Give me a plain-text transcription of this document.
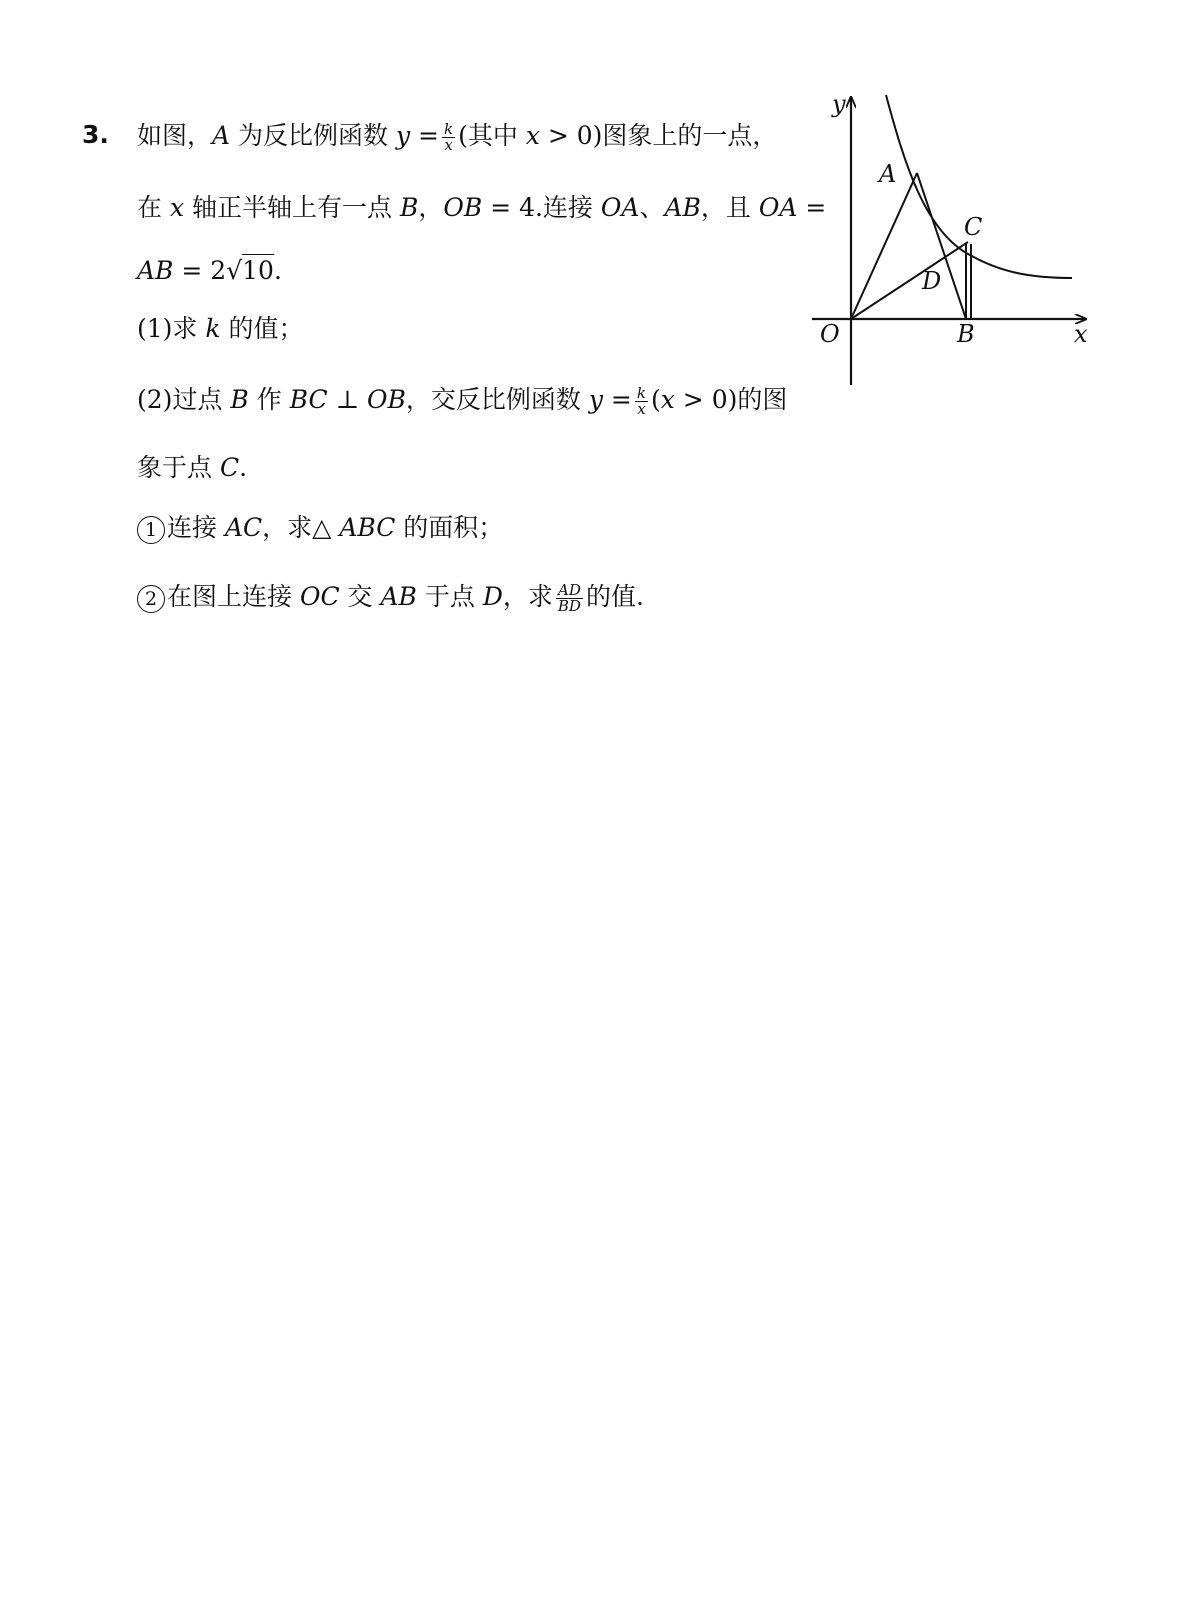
3. 如图，A 为反比例函数 $y = \frac{k}{x}$ (其中 x > 0)图象上的一点，
在 x 轴正半轴上有一点 B，OB = 4.连接 OA、AB，且 OA =
AB = 2√10.
(1)求 k 的值；
(2)过点 B 作 BC ⊥ OB，交反比例函数 $y = \frac{k}{x} (x > 0)$的图
象于点 C.
1 连接 AC，求△ ABC 的面积；
2 在图上连接 OC 交 AB 于点 D，求 $\frac{AD}{BD}$ 的值.
y
x
O
A
B
C
D
